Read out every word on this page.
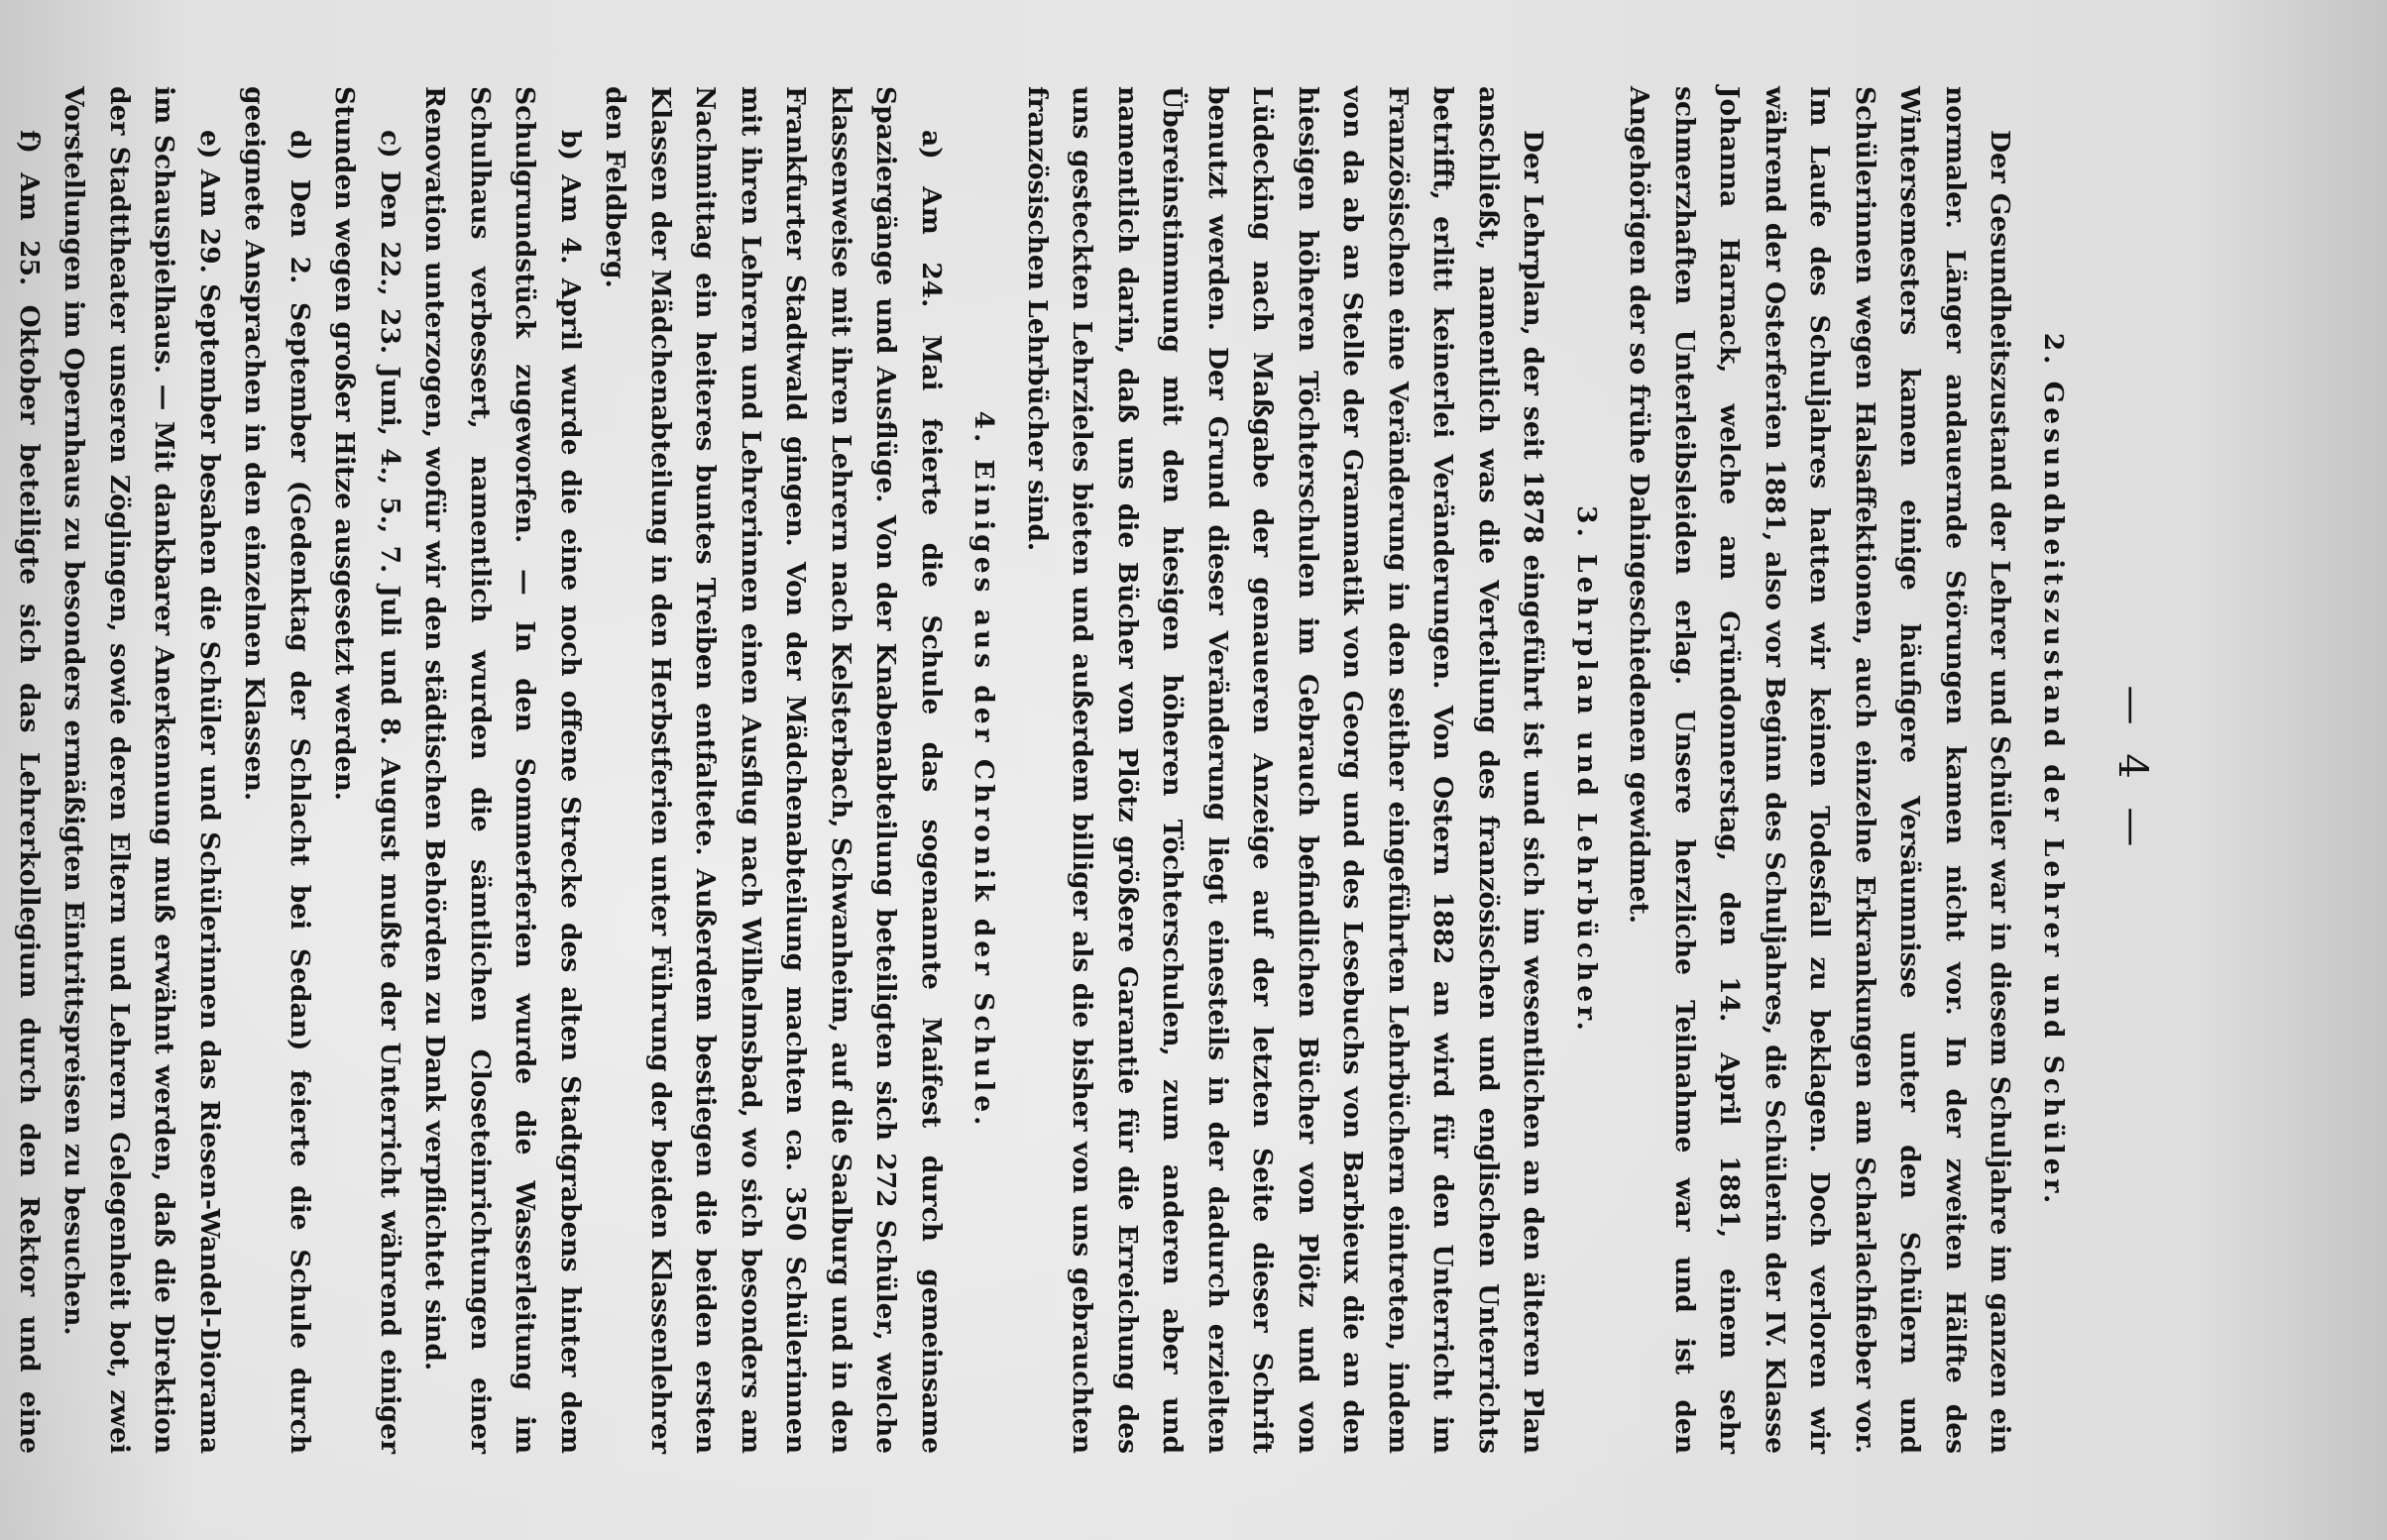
— 4 —

2. Gesundheitszustand der Lehrer und Schüler.

Der Gesundheitszustand der Lehrer und Schüler war in diesem Schuljahre im ganzen ein normaler. Länger andauernde Störungen kamen nicht vor. In der zweiten Hälfte des Wintersemesters kamen einige häufigere Versäumnisse unter den Schülern und Schülerinnen wegen Halsaffektionen, auch einzelne Erkrankungen am Scharlachfieber vor. Im Laufe des Schuljahres hatten wir keinen Todesfall zu beklagen. Doch verloren wir während der Osterferien 1881, also vor Beginn des Schuljahres, die Schülerin der IV. Klasse Johanna Harnack, welche am Gründonnerstag, den 14. April 1881, einem sehr schmerzhaften Unterleibsleiden erlag. Unsere herzliche Teilnahme war und ist den Angehörigen der so frühe Dahingeschiedenen gewidmet.

3. Lehrplan und Lehrbücher.

Der Lehrplan, der seit 1878 eingeführt ist und sich im wesentlichen an den älteren Plan anschließt, namentlich was die Verteilung des französischen und englischen Unterrichts betrifft, erlitt keinerlei Veränderungen. Von Ostern 1882 an wird für den Unterricht im Französischen eine Veränderung in den seither eingeführten Lehrbüchern eintreten, indem von da ab an Stelle der Grammatik von Georg und des Lesebuchs von Barbieux die an den hiesigen höheren Töchterschulen im Gebrauch befindlichen Bücher von Plötz und von Lüdecking nach Maßgabe der genaueren Anzeige auf der letzten Seite dieser Schrift benutzt werden. Der Grund dieser Veränderung liegt einesteils in der dadurch erzielten Übereinstimmung mit den hiesigen höheren Töchterschulen, zum anderen aber und namentlich darin, daß uns die Bücher von Plötz größere Garantie für die Erreichung des uns gesteckten Lehrzieles bieten und außerdem billiger als die bisher von uns gebrauchten französischen Lehrbücher sind.

4. Einiges aus der Chronik der Schule.

a) Am 24. Mai feierte die Schule das sogenannte Maifest durch gemeinsame Spaziergänge und Ausflüge. Von der Knabenabteilung beteiligten sich 272 Schüler, welche klassenweise mit ihren Lehrern nach Kelsterbach, Schwanheim, auf die Saalburg und in den Frankfurter Stadtwald gingen. Von der Mädchenabteilung machten ca. 350 Schülerinnen mit ihren Lehrern und Lehrerinnen einen Ausflug nach Wilhelmsbad, wo sich besonders am Nachmittag ein heiteres buntes Treiben entfaltete. Außerdem bestiegen die beiden ersten Klassen der Mädchenabteilung in den Herbstferien unter Führung der beiden Klassenlehrer den Feldberg.

b) Am 4. April wurde die eine noch offene Strecke des alten Stadtgrabens hinter dem Schulgrundstück zugeworfen. — In den Sommerferien wurde die Wasserleitung im Schulhaus verbessert, namentlich wurden die sämtlichen Closeteinrichtungen einer Renovation unterzogen, wofür wir den städtischen Behörden zu Dank verpflichtet sind.

c) Den 22., 23. Juni, 4., 5., 7. Juli und 8. August mußte der Unterricht während einiger Stunden wegen großer Hitze ausgesetzt werden.

d) Den 2. September (Gedenktag der Schlacht bei Sedan) feierte die Schule durch geeignete Ansprachen in den einzelnen Klassen.

e) Am 29. September besahen die Schüler und Schülerinnen das Riesen-Wandel-Diorama im Schauspielhaus. — Mit dankbarer Anerkennung muß erwähnt werden, daß die Direktion der Stadttheater unseren Zöglingen, sowie deren Eltern und Lehrern Gelegenheit bot, zwei Vorstellungen im Opernhaus zu besonders ermäßigten Eintrittspreisen zu besuchen.

f) Am 25. Oktober beteiligte sich das Lehrerkollegium durch den Rektor und eine
